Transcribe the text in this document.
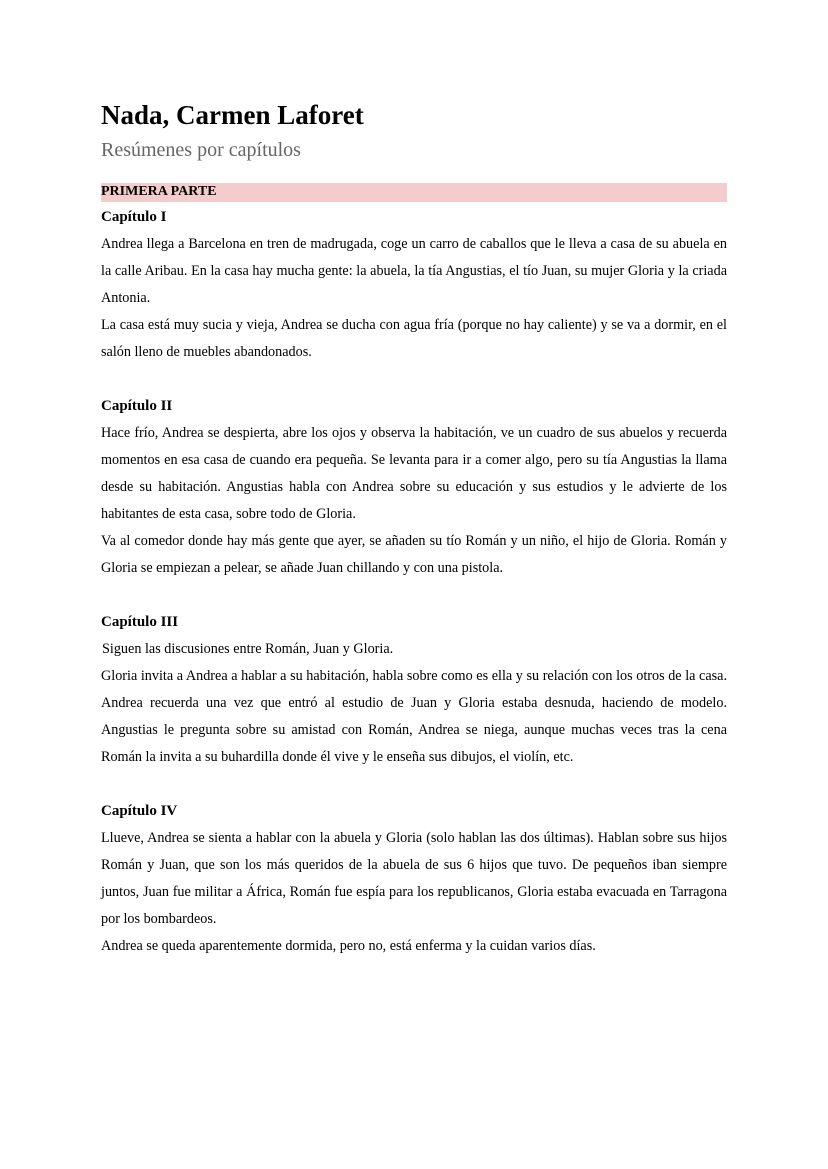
Nada, Carmen Laforet
Resúmenes por capítulos
PRIMERA PARTE
Capítulo I

Andrea llega a Barcelona en tren de madrugada, coge un carro de caballos que le lleva a casa de su abuela en la calle Aribau. En la casa hay mucha gente: la abuela, la tía Angustias, el tío Juan, su mujer Gloria y la criada Antonia.

La casa está muy sucia y vieja, Andrea se ducha con agua fría (porque no hay caliente) y se va a dormir, en el salón lleno de muebles abandonados.

Capítulo II

Hace frío, Andrea se despierta, abre los ojos y observa la habitación, ve un cuadro de sus abuelos y recuerda momentos en esa casa de cuando era pequeña. Se levanta para ir a comer algo, pero su tía Angustias la llama desde su habitación. Angustias habla con Andrea sobre su educación y sus estudios y le advierte de los habitantes de esta casa, sobre todo de Gloria.

Va al comedor donde hay más gente que ayer, se añaden su tío Román y un niño, el hijo de Gloria. Román y Gloria se empiezan a pelear, se añade Juan chillando y con una pistola.

Capítulo III

Siguen las discusiones entre Román, Juan y Gloria.

Gloria invita a Andrea a hablar a su habitación, habla sobre como es ella y su relación con los otros de la casa. Andrea recuerda una vez que entró al estudio de Juan y Gloria estaba desnuda, haciendo de modelo. Angustias le pregunta sobre su amistad con Román, Andrea se niega, aunque muchas veces tras la cena Román la invita a su buhardilla donde él vive y le enseña sus dibujos, el violín, etc.

Capítulo IV

Llueve, Andrea se sienta a hablar con la abuela y Gloria (solo hablan las dos últimas). Hablan sobre sus hijos Román y Juan, que son los más queridos de la abuela de sus 6 hijos que tuvo. De pequeños iban siempre juntos, Juan fue militar a África, Román fue espía para los republicanos, Gloria estaba evacuada en Tarragona por los bombardeos.

Andrea se queda aparentemente dormida, pero no, está enferma y la cuidan varios días.
